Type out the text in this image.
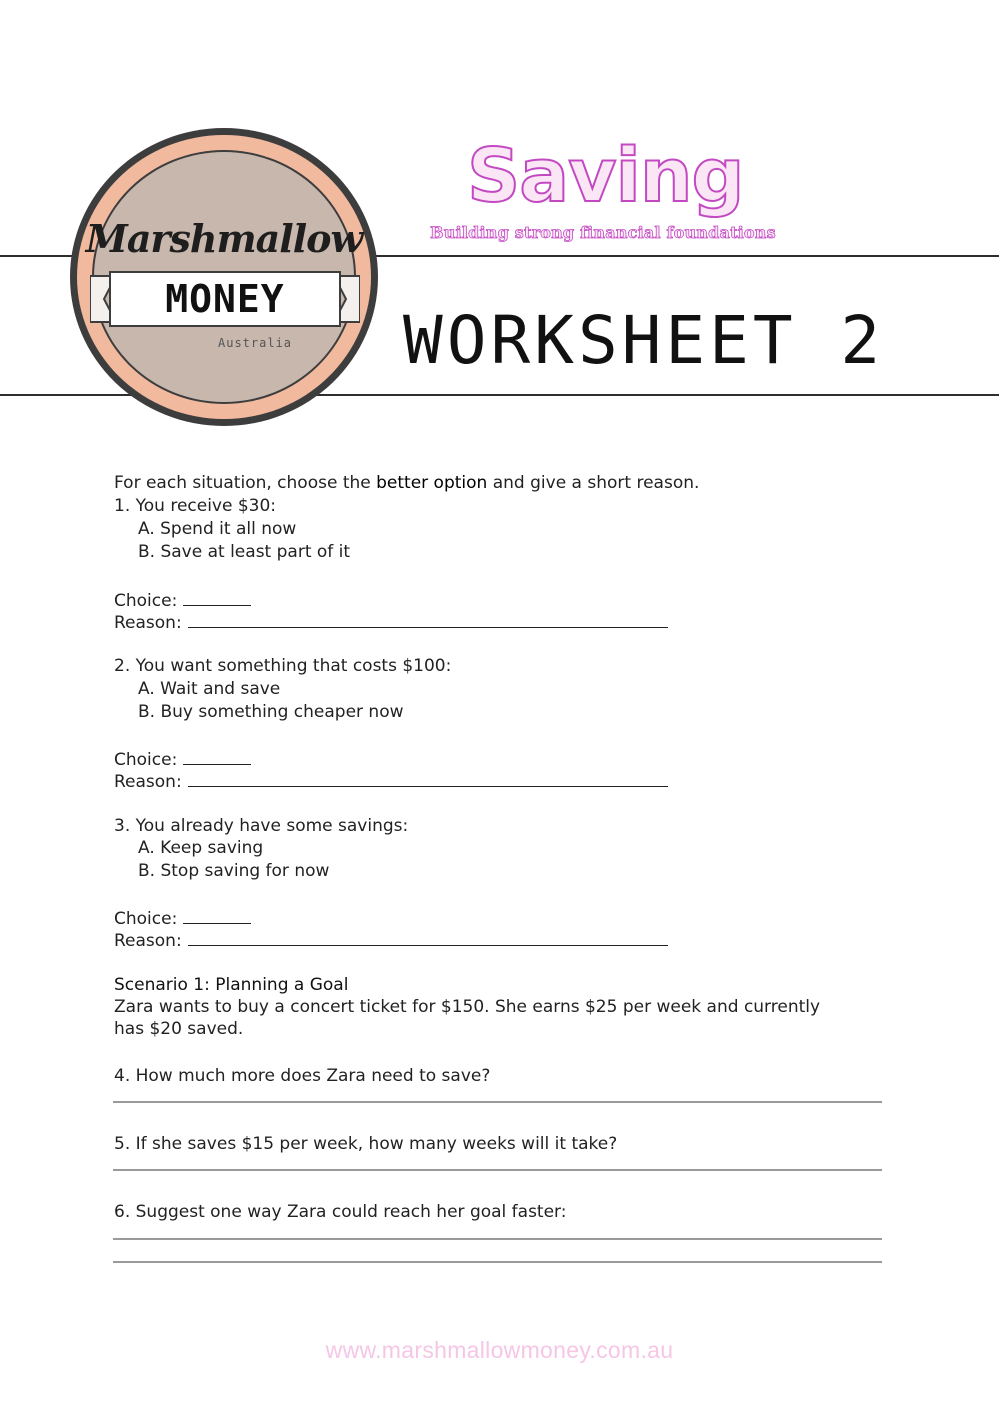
Marshmallow
MONEY
Australia
Saving
Building strong financial foundations
WORKSHEET 2
For each situation, choose the better option and give a short reason.
1. You receive $30:
A. Spend it all now
B. Save at least part of it
Choice:
Reason:
2. You want something that costs $100:
A. Wait and save
B. Buy something cheaper now
Choice:
Reason:
3. You already have some savings:
A. Keep saving
B. Stop saving for now
Choice:
Reason:
Scenario 1: Planning a Goal
Zara wants to buy a concert ticket for $150. She earns $25 per week and currently
has $20 saved.
4. How much more does Zara need to save?
5. If she saves $15 per week, how many weeks will it take?
6. Suggest one way Zara could reach her goal faster:
www.marshmallowmoney.com.au
